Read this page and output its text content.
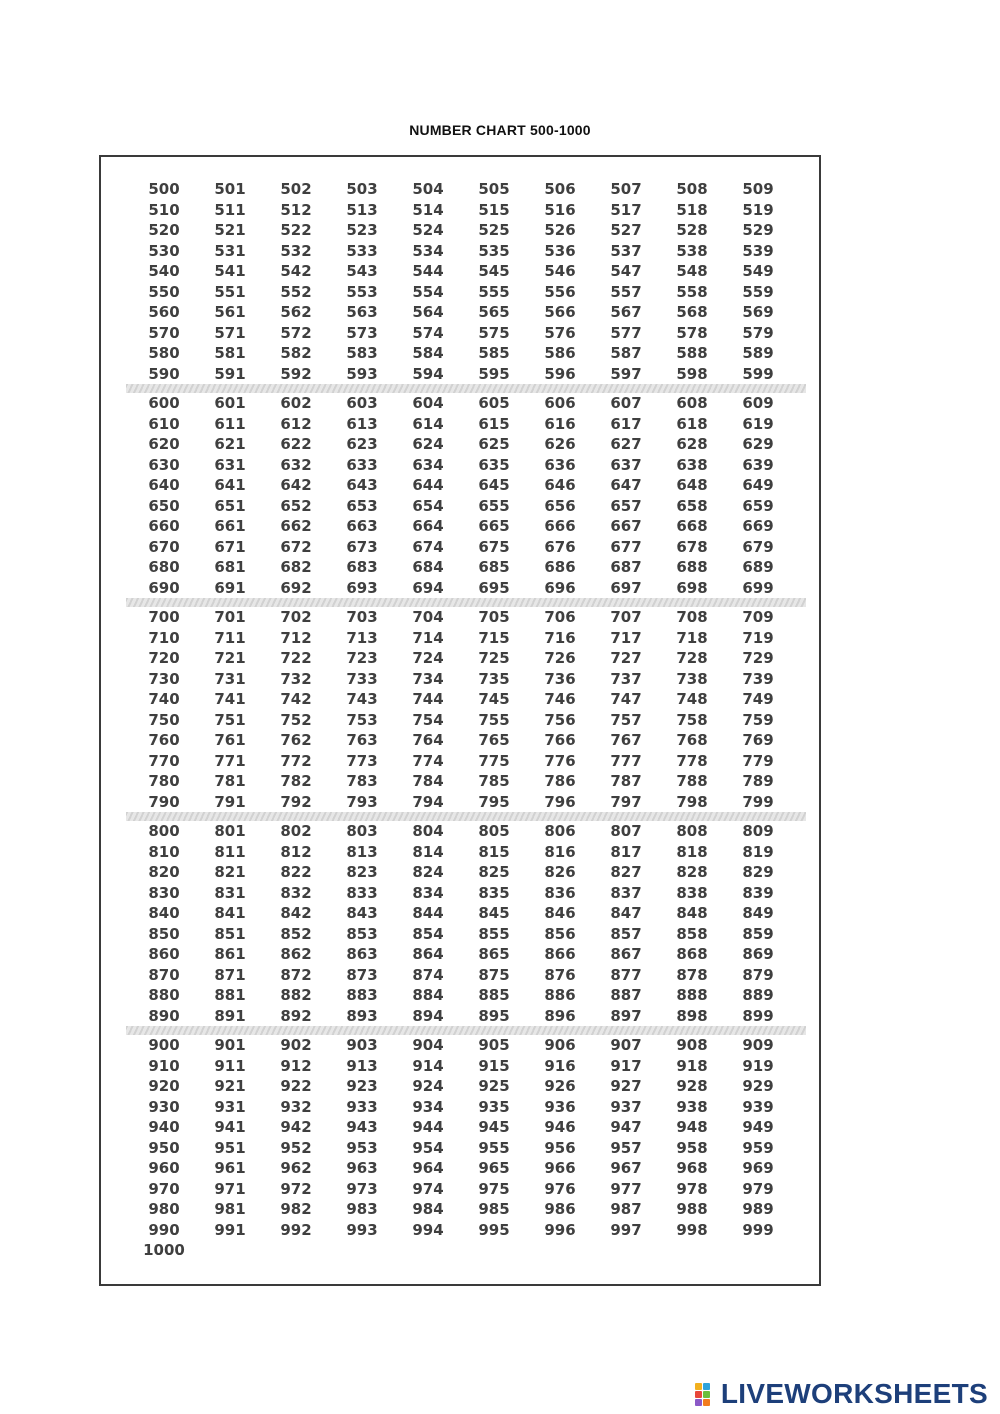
NUMBER CHART 500-1000
500	501	502	503	504	505	506	507	508	509
510	511	512	513	514	515	516	517	518	519
520	521	522	523	524	525	526	527	528	529
530	531	532	533	534	535	536	537	538	539
540	541	542	543	544	545	546	547	548	549
550	551	552	553	554	555	556	557	558	559
560	561	562	563	564	565	566	567	568	569
570	571	572	573	574	575	576	577	578	579
580	581	582	583	584	585	586	587	588	589
590	591	592	593	594	595	596	597	598	599
600	601	602	603	604	605	606	607	608	609
610	611	612	613	614	615	616	617	618	619
620	621	622	623	624	625	626	627	628	629
630	631	632	633	634	635	636	637	638	639
640	641	642	643	644	645	646	647	648	649
650	651	652	653	654	655	656	657	658	659
660	661	662	663	664	665	666	667	668	669
670	671	672	673	674	675	676	677	678	679
680	681	682	683	684	685	686	687	688	689
690	691	692	693	694	695	696	697	698	699
700	701	702	703	704	705	706	707	708	709
710	711	712	713	714	715	716	717	718	719
720	721	722	723	724	725	726	727	728	729
730	731	732	733	734	735	736	737	738	739
740	741	742	743	744	745	746	747	748	749
750	751	752	753	754	755	756	757	758	759
760	761	762	763	764	765	766	767	768	769
770	771	772	773	774	775	776	777	778	779
780	781	782	783	784	785	786	787	788	789
790	791	792	793	794	795	796	797	798	799
800	801	802	803	804	805	806	807	808	809
810	811	812	813	814	815	816	817	818	819
820	821	822	823	824	825	826	827	828	829
830	831	832	833	834	835	836	837	838	839
840	841	842	843	844	845	846	847	848	849
850	851	852	853	854	855	856	857	858	859
860	861	862	863	864	865	866	867	868	869
870	871	872	873	874	875	876	877	878	879
880	881	882	883	884	885	886	887	888	889
890	891	892	893	894	895	896	897	898	899
900	901	902	903	904	905	906	907	908	909
910	911	912	913	914	915	916	917	918	919
920	921	922	923	924	925	926	927	928	929
930	931	932	933	934	935	936	937	938	939
940	941	942	943	944	945	946	947	948	949
950	951	952	953	954	955	956	957	958	959
960	961	962	963	964	965	966	967	968	969
970	971	972	973	974	975	976	977	978	979
980	981	982	983	984	985	986	987	988	989
990	991	992	993	994	995	996	997	998	999
1000
LIVEWORKSHEETS
